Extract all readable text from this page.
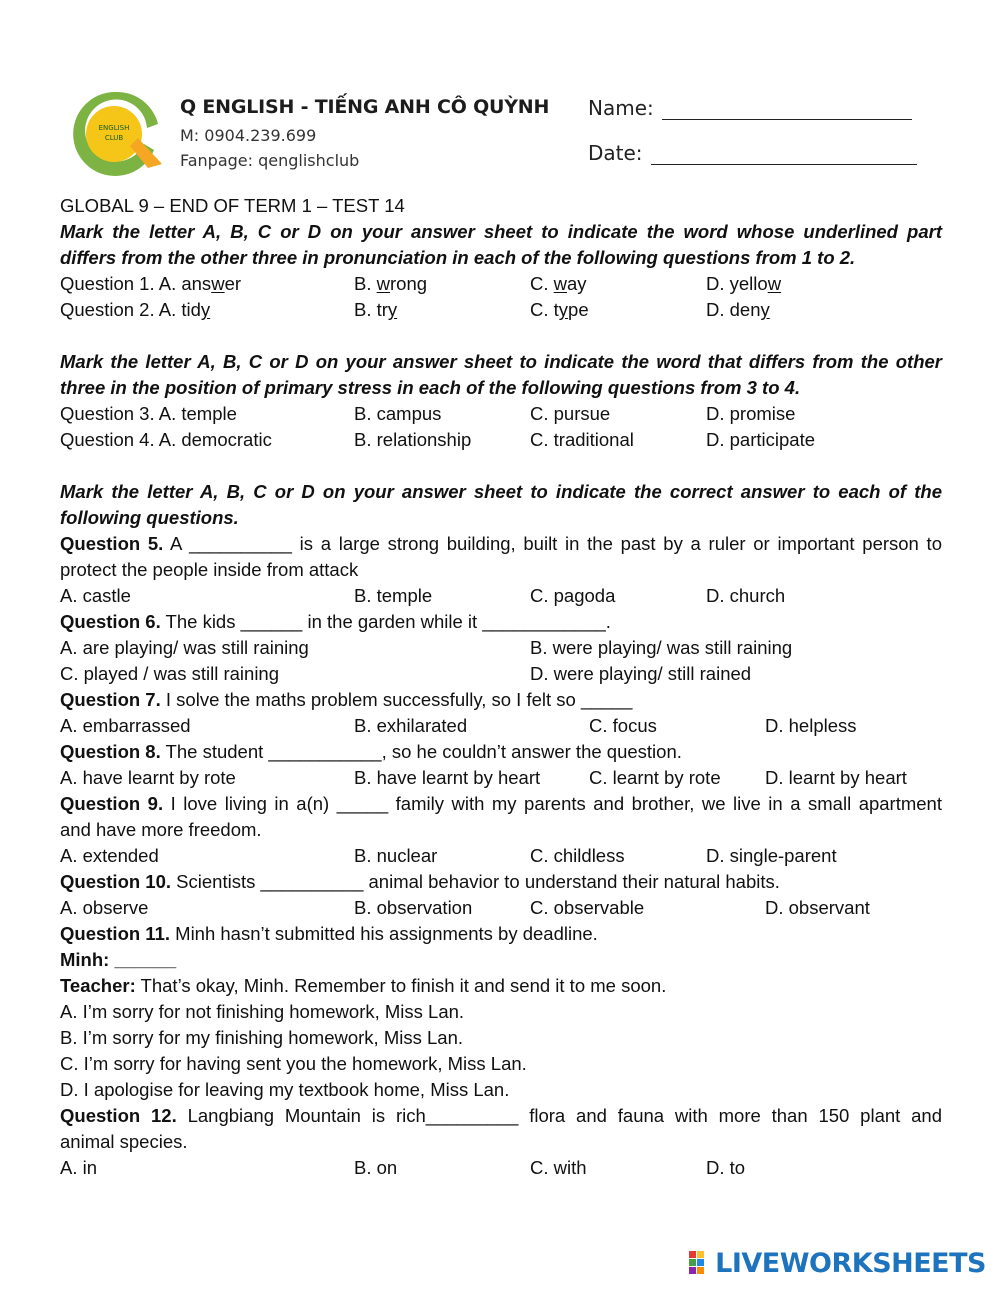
ENGLISH
CLUB
Q ENGLISH - TIẾNG ANH CÔ QUỲNH
M: 0904.239.699
Fanpage: qenglishclub
Name:
Date:
GLOBAL 9 – END OF TERM 1 – TEST 14
Mark the letter A, B, C or D on your answer sheet to indicate the word whose underlined part
differs from the other three in pronunciation in each of the following questions from 1 to 2.
Question 1. A. answer	B. wrong	C. way	D. yellow
Question 2. A. tidy	B. try	C. type	D. deny
Mark the letter A, B, C or D on your answer sheet to indicate the word that differs from the other
three in the position of primary stress in each of the following questions from 3 to 4.
Question 3. A. temple	B. campus	C. pursue	D. promise
Question 4. A. democratic	B. relationship	C. traditional	D. participate
Mark the letter A, B, C or D on your answer sheet to indicate the correct answer to each of the
following questions.
Question 5. A __________ is a large strong building, built in the past by a ruler or important person to
protect the people inside from attack
A. castle	B. temple	C. pagoda	D. church
Question 6. The kids ______ in the garden while it ____________.
A. are playing/ was still raining	B. were playing/ was still raining
C. played / was still raining	D. were playing/ still rained
Question 7. I solve the maths problem successfully, so I felt so _____
A. embarrassed	B. exhilarated	C. focus	D. helpless
Question 8. The student ___________, so he couldn’t answer the question.
A. have learnt by rote	B. have learnt by heart	C. learnt by rote D. learnt by heart
Question 9. I love living in a(n) _____ family with my parents and brother, we live in a small apartment
and have more freedom.
A. extended	B. nuclear	C. childless	D. single-parent
Question 10. Scientists __________ animal behavior to understand their natural habits.
A. observe	B. observation	C. observable	D. observant
Question 11. Minh hasn’t submitted his assignments by deadline.
Minh: ______
Teacher: That’s okay, Minh. Remember to finish it and send it to me soon.
A. I’m sorry for not finishing homework, Miss Lan.
B. I’m sorry for my finishing homework, Miss Lan.
C. I’m sorry for having sent you the homework, Miss Lan.
D. I apologise for leaving my textbook home, Miss Lan.
Question 12. Langbiang Mountain is rich_________ flora and fauna with more than 150 plant and
animal species.
A. in	B. on	C. with	D. to
LIVEWORKSHEETS
